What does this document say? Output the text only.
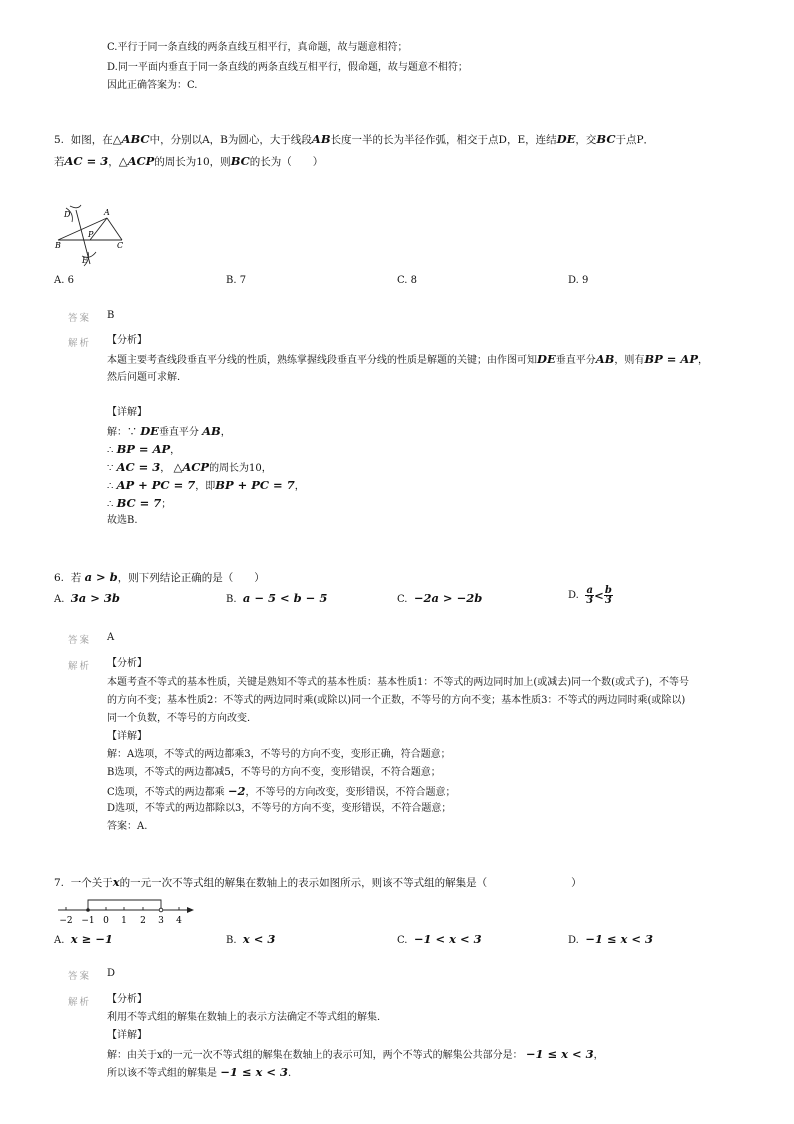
C.平行于同一条直线的两条直线互相平行，真命题，故与题意相符；
D.同一平面内垂直于同一条直线的两条直线互相平行，假命题，故与题意不相符；
因此正确答案为：C.
5. 如图，在△ABC中，分别以A，B为圆心，大于线段AB长度一半的长为半径作弧，相交于点D，E，连结DE，交BC于点P．
若AC = 3，△ACP的周长为10，则BC的长为（　　）
D	A
P
B	C
E
A. 6	B. 7	C. 8	D. 9
答案 B
解析 【分析】
本题主要考查线段垂直平分线的性质，熟练掌握线段垂直平分线的性质是解题的关键；由作图可知DE垂直平分AB，则有BP = AP，
然后问题可求解．
【详解】
解：∵ DE垂直平分 AB，
∴ BP = AP，
∵ AC = 3， △ACP的周长为10，
∴ AP + PC = 7，即BP + PC = 7，
∴ BC = 7；
故选B.
6. 若 a > b，则下列结论正确的是（　　）
A. 3a > 3b	B. a − 5 < b − 5	C. −2a > −2b	D. $\frac{a}{3} < \frac{b}{3}$
答案 A
解析 【分析】
本题考查不等式的基本性质，关键是熟知不等式的基本性质：基本性质1：不等式的两边同时加上(或减去)同一个数(或式子)，不等号
的方向不变；基本性质2：不等式的两边同时乘(或除以)同一个正数，不等号的方向不变；基本性质3：不等式的两边同时乘(或除以)
同一个负数，不等号的方向改变．
【详解】
解：A选项，不等式的两边都乘3，不等号的方向不变，变形正确，符合题意；
B选项，不等式的两边都减5，不等号的方向不变，变形错误，不符合题意；
C选项，不等式的两边都乘 −2，不等号的方向改变，变形错误，不符合题意；
D选项，不等式的两边都除以3，不等号的方向不变，变形错误，不符合题意；
答案：A.
7. 一个关于x的一元一次不等式组的解集在数轴上的表示如图所示，则该不等式组的解集是（　　　　　　　　）
−2 −1 0 1 2 3 4
A. x ≥ −1	B. x < 3	C. −1 < x < 3	D. −1 ≤ x < 3
答案 D
解析 【分析】
利用不等式组的解集在数轴上的表示方法确定不等式组的解集．
【详解】
解：由关于x的一元一次不等式组的解集在数轴上的表示可知，两个不等式的解集公共部分是： −1 ≤ x < 3，
所以该不等式组的解集是 −1 ≤ x < 3.
